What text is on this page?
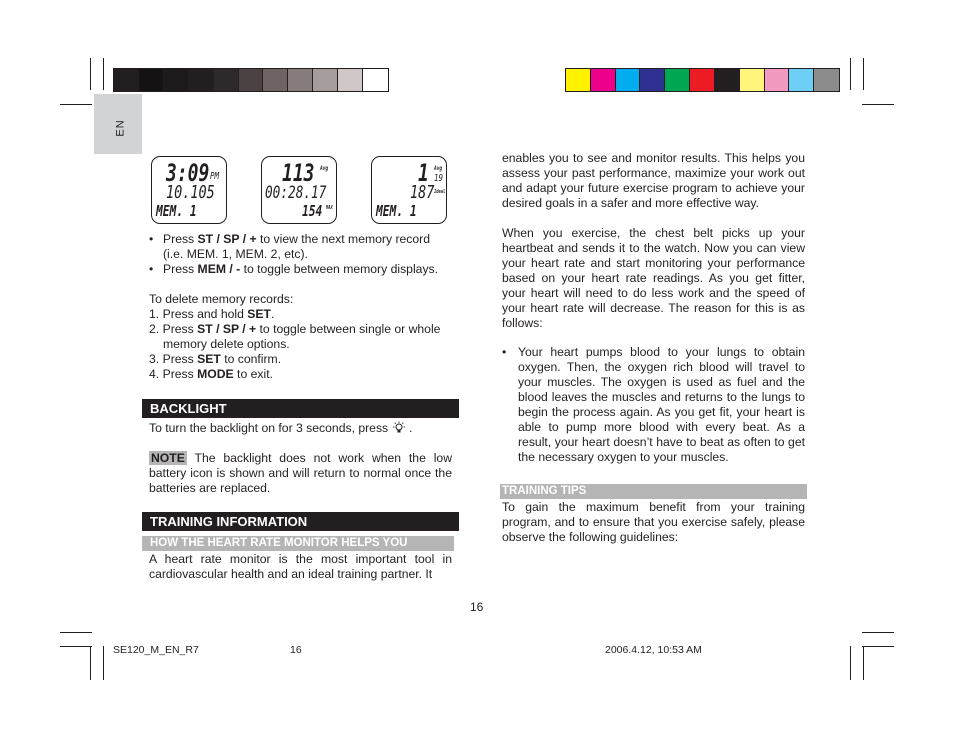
EN
3:09 PM
10.105
MEM. 1
113 Avg
00:28.17
154 MAX
1 Avg
19
187 Ideal
MEM. 1
• Press ST / SP / + to view the next memory record (i.e. MEM. 1, MEM. 2, etc).
• Press MEM / - to toggle between memory displays.
To delete memory records:
1. Press and hold SET.
2. Press ST / SP / + to toggle between single or whole memory delete options.
3. Press SET to confirm.
4. Press MODE to exit.
BACKLIGHT
To turn the backlight on for 3 seconds, press .
NOTE The backlight does not work when the low battery icon is shown and will return to normal once the batteries are replaced.
TRAINING INFORMATION
HOW THE HEART RATE MONITOR HELPS YOU
A heart rate monitor is the most important tool in cardiovascular health and an ideal training partner. It
enables you to see and monitor results. This helps you assess your past performance, maximize your work out and adapt your future exercise program to achieve your desired goals in a safer and more effective way.
When you exercise, the chest belt picks up your heartbeat and sends it to the watch. Now you can view your heart rate and start monitoring your performance based on your heart rate readings. As you get fitter, your heart will need to do less work and the speed of your heart rate will decrease. The reason for this is as follows:
• Your heart pumps blood to your lungs to obtain oxygen. Then, the oxygen rich blood will travel to your muscles. The oxygen is used as fuel and the blood leaves the muscles and returns to the lungs to begin the process again. As you get fit, your heart is able to pump more blood with every beat. As a result, your heart doesn’t have to beat as often to get the necessary oxygen to your muscles.
TRAINING TIPS
To gain the maximum benefit from your training program, and to ensure that you exercise safely, please observe the following guidelines:
16
SE120_M_EN_R7	16	2006.4.12, 10:53 AM
